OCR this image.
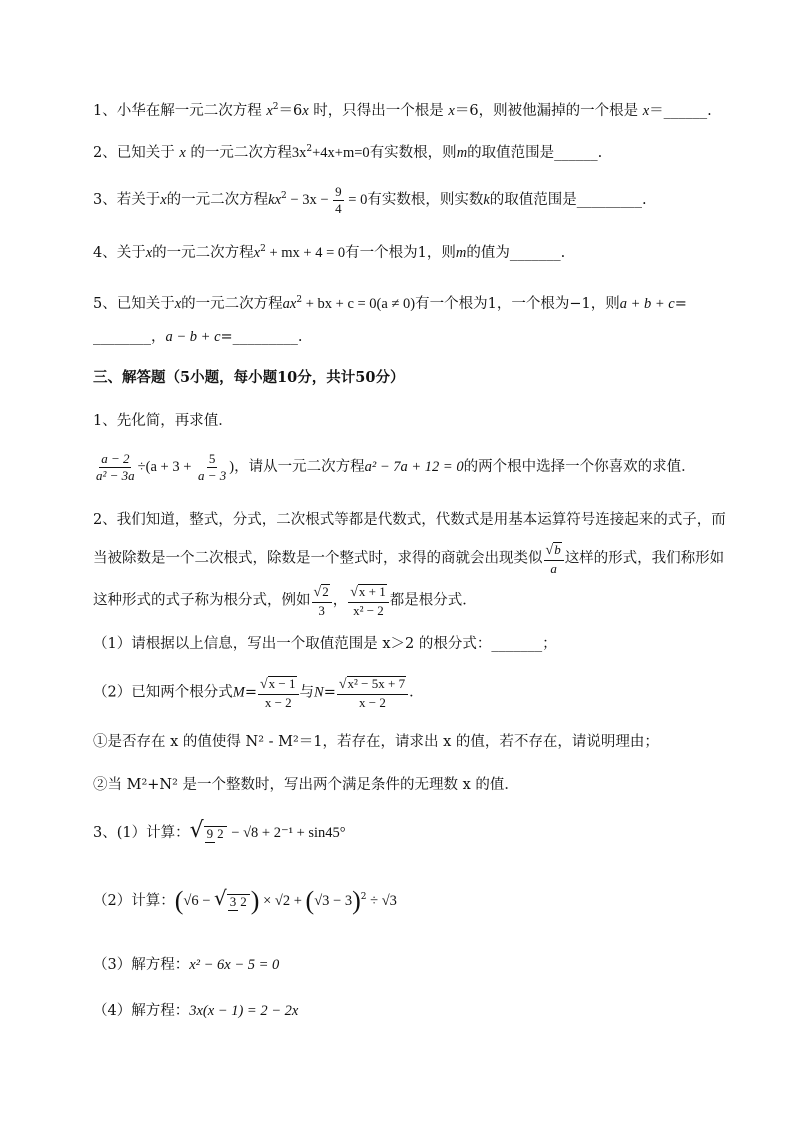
1、小华在解一元二次方程 $x^2=6x$ 时，只得出一个根是 x＝6，则被他漏掉的一个根是 x＝______.
2、已知关于 x 的一元二次方程$3x^2+4x+m=0$有实数根，则m的取值范围是______.
3、若关于x的一元二次方程$kx^2 - 3x - \frac{9}{4} = 0$有实数根，则实数k的取值范围是_________.
4、关于x的一元二次方程$x^2$ + mx + 4 = 0有一个根为1，则m的值为_______.
5、已知关于x的一元二次方程$ax^2$ + bx + c = 0(a ≠ 0)有一个根为1，一个根为−1，则a + b + c=
________，a − b + c=_________.
三、解答题（5小题，每小题10分，共计50分）
1、先化简，再求值．
$\frac{a - 2}{\text{a² − 3a}} \div(a + 3 + \frac{5}{a - 3}$ )，请从一元二次方程a² − 7a + 12 = 0的两个根中选择一个你喜欢的求值．
2、我们知道，整式，分式，二次根式等都是代数式，代数式是用基本运算符号连接起来的式子，而
当被除数是一个二次根式，除数是一个整式时，求得的商就会出现类似 $\frac{√b}{a}$ 这样的形式，我们称形如
这种形式的式子称为根分式，例如 $\frac{√2}{3}$ ， $\frac{√x + 1}{\text{x² − 2}}$ 都是根分式．
（1）请根据以上信息，写出一个取值范围是 x＞2 的根分式：_______；
（2）已知两个根分式$M= \frac{√x - 1}{x - 2}$ 与$N= \frac{\text{√x² − 5x + 7}}{x - 2}$ ．
①是否存在 x 的值使得 N² - M²＝1，若存在，请求出 x 的值，若不存在，请说明理由；
②当 M²+N² 是一个整数时，写出两个满足条件的无理数 x 的值．
3、(1）计算：√ 9 2 − √8 + 2⁻¹ + sin45°
（2）计算：(√6 − √ 3 2 ) × $√2 + (√3 - 3)^2 \div √3$
（3）解方程：x² − 6x − 5 = 0
（4）解方程：3x(x − 1) = 2 − 2x
